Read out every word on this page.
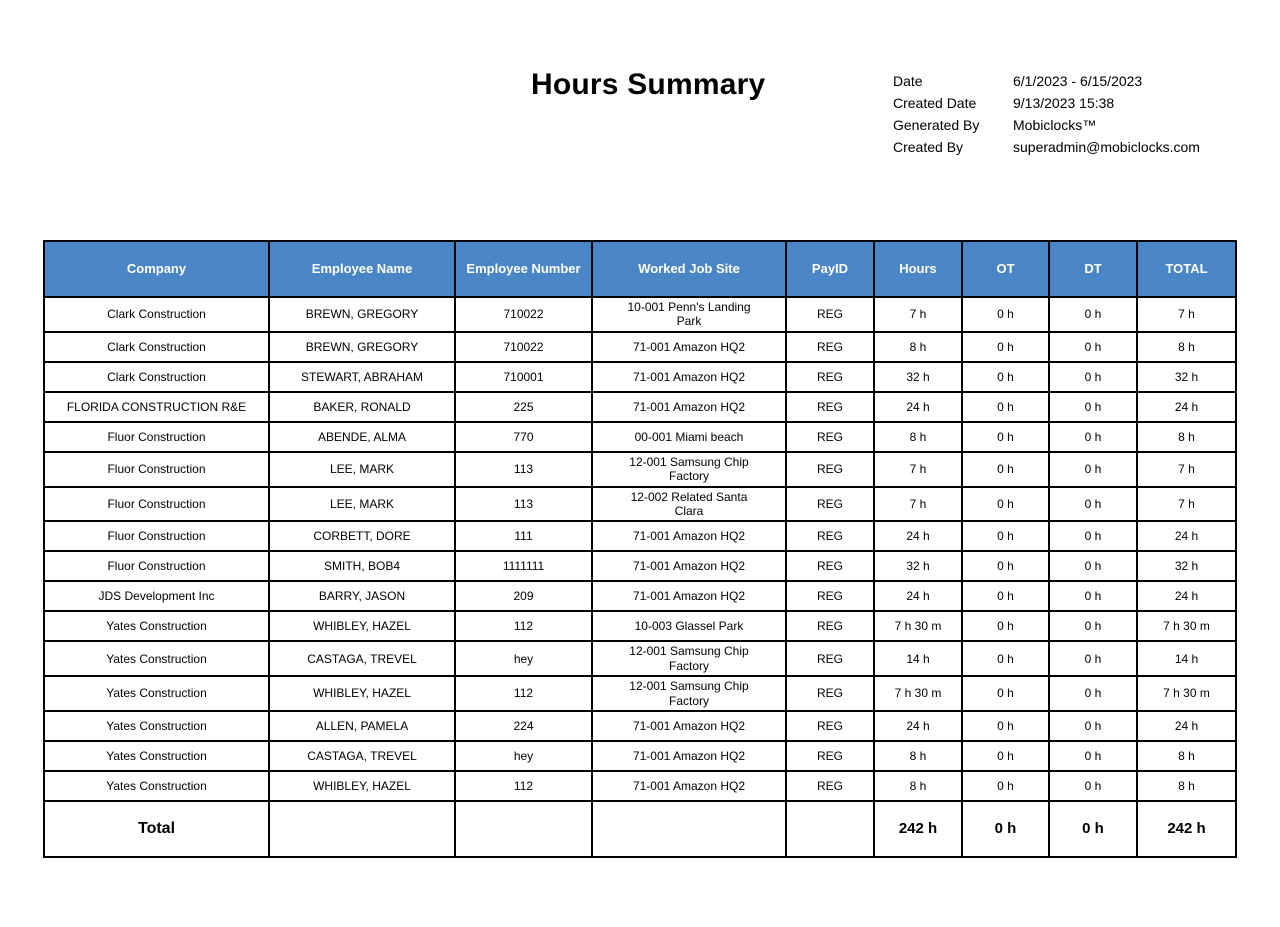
Hours Summary	Date	6/1/2023 - 6/15/2023
Created Date	9/13/2023 15:38
Generated By	Mobiclocks™
Created By	superadmin@mobiclocks.com
Company	Employee Name	Employee Number	Worked Job Site	PayID	Hours	OT	DT	TOTAL
Clark Construction	BREWN, GREGORY	710022	10-001 Penn's Landing Park	REG	7 h	0 h	0 h	7 h
Clark Construction	BREWN, GREGORY	710022	71-001 Amazon HQ2	REG	8 h	0 h	0 h	8 h
Clark Construction	STEWART, ABRAHAM	710001	71-001 Amazon HQ2	REG	32 h	0 h	0 h	32 h
FLORIDA CONSTRUCTION R&E	BAKER, RONALD	225	71-001 Amazon HQ2	REG	24 h	0 h	0 h	24 h
Fluor Construction	ABENDE, ALMA	770	00-001 Miami beach	REG	8 h	0 h	0 h	8 h
Fluor Construction	LEE, MARK	113	12-001 Samsung Chip Factory	REG	7 h	0 h	0 h	7 h
Fluor Construction	LEE, MARK	113	12-002 Related Santa Clara	REG	7 h	0 h	0 h	7 h
Fluor Construction	CORBETT, DORE	111	71-001 Amazon HQ2	REG	24 h	0 h	0 h	24 h
Fluor Construction	SMITH, BOB4	1111111	71-001 Amazon HQ2	REG	32 h	0 h	0 h	32 h
JDS Development Inc	BARRY, JASON	209	71-001 Amazon HQ2	REG	24 h	0 h	0 h	24 h
Yates Construction	WHIBLEY, HAZEL	112	10-003 Glassel Park	REG	7 h 30 m	0 h	0 h	7 h 30 m
Yates Construction	CASTAGA, TREVEL	hey	12-001 Samsung Chip Factory	REG	14 h	0 h	0 h	14 h
Yates Construction	WHIBLEY, HAZEL	112	12-001 Samsung Chip Factory	REG	7 h 30 m	0 h	0 h	7 h 30 m
Yates Construction	ALLEN, PAMELA	224	71-001 Amazon HQ2	REG	24 h	0 h	0 h	24 h
Yates Construction	CASTAGA, TREVEL	hey	71-001 Amazon HQ2	REG	8 h	0 h	0 h	8 h
Yates Construction	WHIBLEY, HAZEL	112	71-001 Amazon HQ2	REG	8 h	0 h	0 h	8 h
Total					242 h	0 h	0 h	242 h
